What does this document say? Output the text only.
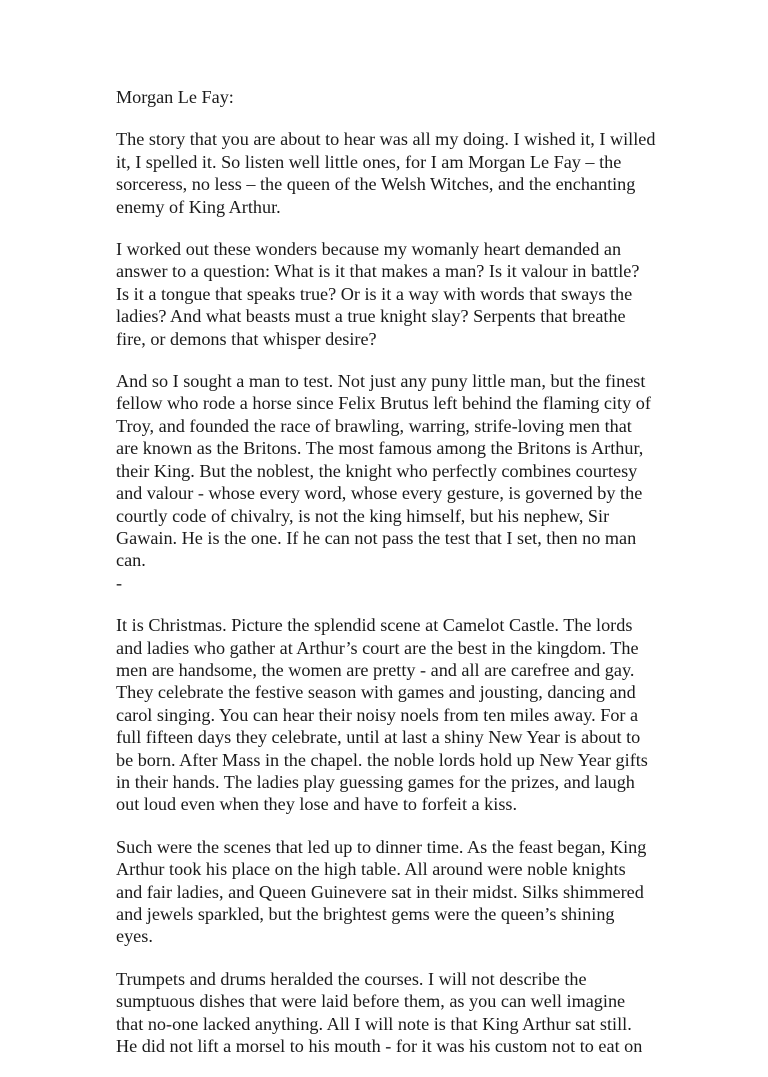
Morgan Le Fay:
The story that you are about to hear was all my doing. I wished it, I willed
it, I spelled it. So listen well little ones, for I am Morgan Le Fay – the
sorceress, no less – the queen of the Welsh Witches, and the enchanting
enemy of King Arthur.
I worked out these wonders because my womanly heart demanded an
answer to a question: What is it that makes a man? Is it valour in battle?
Is it a tongue that speaks true? Or is it a way with words that sways the
ladies? And what beasts must a true knight slay? Serpents that breathe
fire, or demons that whisper desire?
And so I sought a man to test. Not just any puny little man, but the finest
fellow who rode a horse since Felix Brutus left behind the flaming city of
Troy, and founded the race of brawling, warring, strife-loving men that
are known as the Britons. The most famous among the Britons is Arthur,
their King. But the noblest, the knight who perfectly combines courtesy
and valour - whose every word, whose every gesture, is governed by the
courtly code of chivalry, is not the king himself, but his nephew, Sir
Gawain. He is the one. If he can not pass the test that I set, then no man
can.
-
It is Christmas. Picture the splendid scene at Camelot Castle. The lords
and ladies who gather at Arthur’s court are the best in the kingdom. The
men are handsome, the women are pretty - and all are carefree and gay.
They celebrate the festive season with games and jousting, dancing and
carol singing. You can hear their noisy noels from ten miles away. For a
full fifteen days they celebrate, until at last a shiny New Year is about to
be born. After Mass in the chapel. the noble lords hold up New Year gifts
in their hands. The ladies play guessing games for the prizes, and laugh
out loud even when they lose and have to forfeit a kiss.
Such were the scenes that led up to dinner time. As the feast began, King
Arthur took his place on the high table. All around were noble knights
and fair ladies, and Queen Guinevere sat in their midst. Silks shimmered
and jewels sparkled, but the brightest gems were the queen’s shining
eyes.
Trumpets and drums heralded the courses. I will not describe the
sumptuous dishes that were laid before them, as you can well imagine
that no-one lacked anything. All I will note is that King Arthur sat still.
He did not lift a morsel to his mouth - for it was his custom not to eat on
